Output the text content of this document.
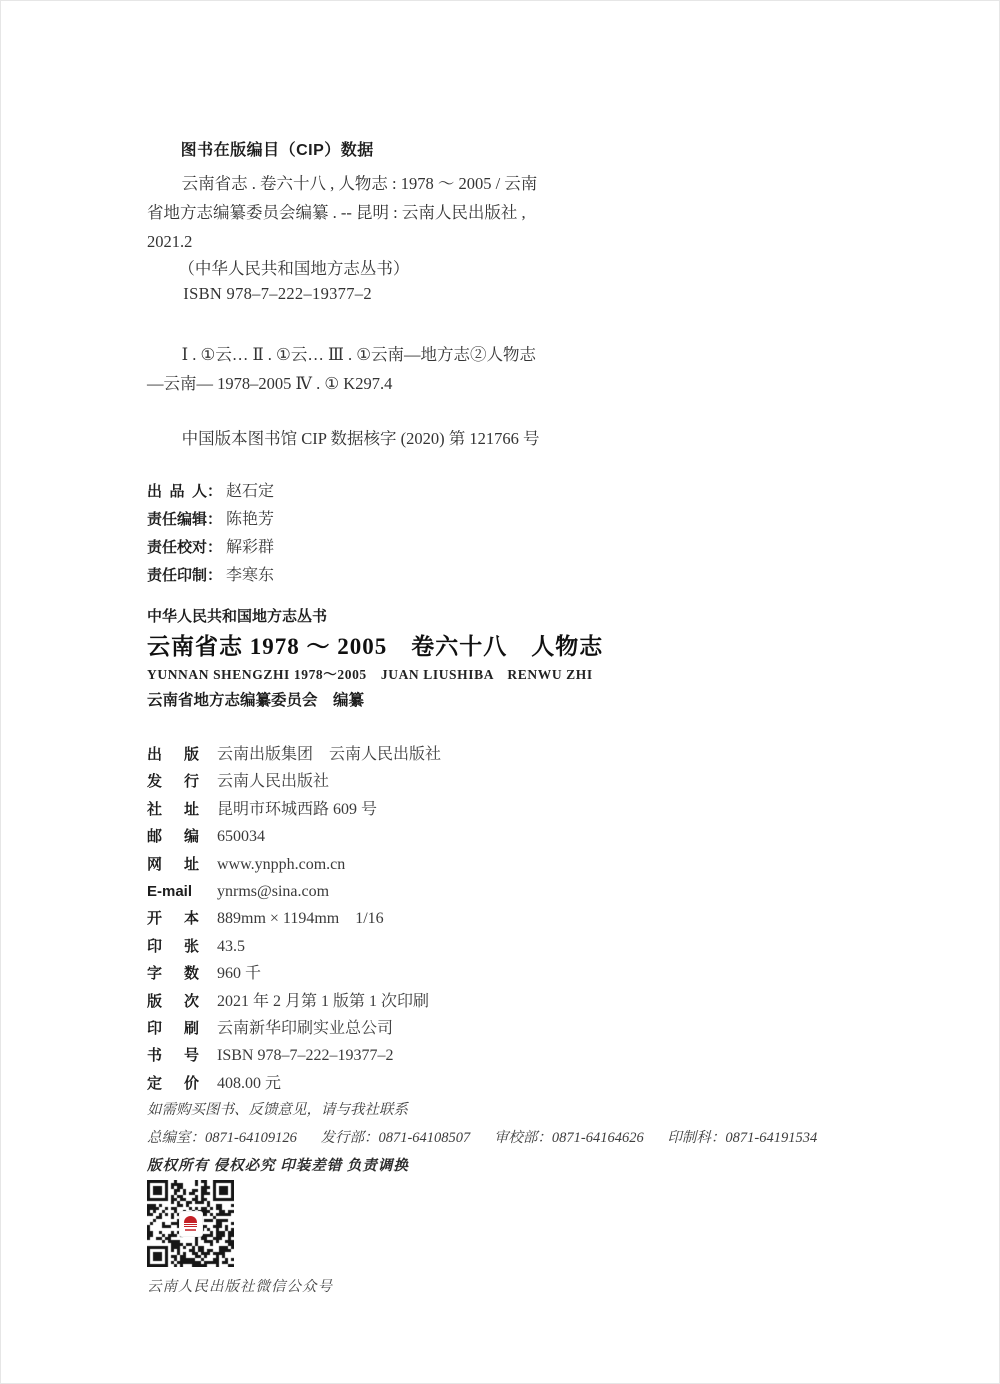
图书在版编目（CIP）数据
云南省志 . 卷六十八 , 人物志 : 1978 ～ 2005 / 云南
省地方志编纂委员会编纂 . -- 昆明 : 云南人民出版社 ,
2021.2
（中华人民共和国地方志丛书）
ISBN 978–7–222–19377–2
Ⅰ . ①云… Ⅱ . ①云… Ⅲ . ①云南—地方志②人物志
—云南— 1978–2005 Ⅳ . ① K297.4
中国版本图书馆 CIP 数据核字 (2020) 第 121766 号
出 品 人： 赵石定
责任编辑： 陈艳芳
责任校对： 解彩群
责任印制： 李寒东
中华人民共和国地方志丛书
云南省志 1978 ～ 2005　卷六十八　人物志
YUNNAN SHENGZHI 1978～2005　JUAN LIUSHIBA　RENWU ZHI
云南省地方志编纂委员会　编纂
出版 云南出版集团　云南人民出版社
发行 云南人民出版社
社址 昆明市环城西路 609 号
邮编 650034
网址 www.ynpph.com.cn
E-mail ynrms@sina.com
开本 889mm × 1194mm　1/16
印张 43.5
字数 960 千
版次 2021 年 2 月第 1 版第 1 次印刷
印刷 云南新华印刷实业总公司
书号 ISBN 978–7–222–19377–2
定价 408.00 元
如需购买图书、反馈意见，请与我社联系
总编室：0871-64109126 发行部：0871-64108507 审校部：0871-64164626 印制科：0871-64191534
版权所有 侵权必究 印装差错 负责调换
云南人民出版社微信公众号
